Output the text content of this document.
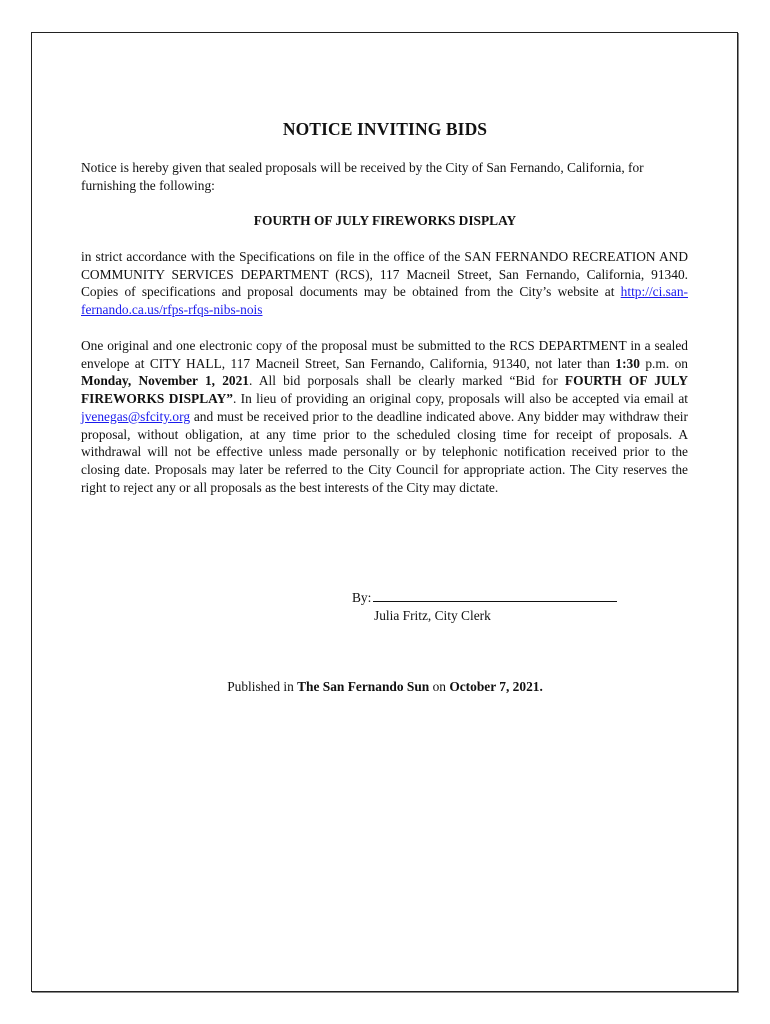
NOTICE INVITING BIDS

Notice is hereby given that sealed proposals will be received by the City of San Fernando, California, for furnishing the following:

FOURTH OF JULY FIREWORKS DISPLAY

in strict accordance with the Specifications on file in the office of the SAN FERNANDO RECREATION AND COMMUNITY SERVICES DEPARTMENT (RCS), 117 Macneil Street, San Fernando, California, 91340. Copies of specifications and proposal documents may be obtained from the City’s website at http://ci.san-fernando.ca.us/rfps-rfqs-nibs-nois

One original and one electronic copy of the proposal must be submitted to the RCS DEPARTMENT in a sealed envelope at CITY HALL, 117 Macneil Street, San Fernando, California, 91340, not later than 1:30 p.m. on Monday, November 1, 2021. All bid porposals shall be clearly marked “Bid for FOURTH OF JULY FIREWORKS DISPLAY”. In lieu of providing an original copy, proposals will also be accepted via email at jvenegas@sfcity.org and must be received prior to the deadline indicated above. Any bidder may withdraw their proposal, without obligation, at any time prior to the scheduled closing time for receipt of proposals. A withdrawal will not be effective unless made personally or by telephonic notification received prior to the closing date. Proposals may later be referred to the City Council for appropriate action. The City reserves the right to reject any or all proposals as the best interests of the City may dictate.

By:
Julia Fritz, City Clerk
Published in The San Fernando Sun on October 7, 2021.
